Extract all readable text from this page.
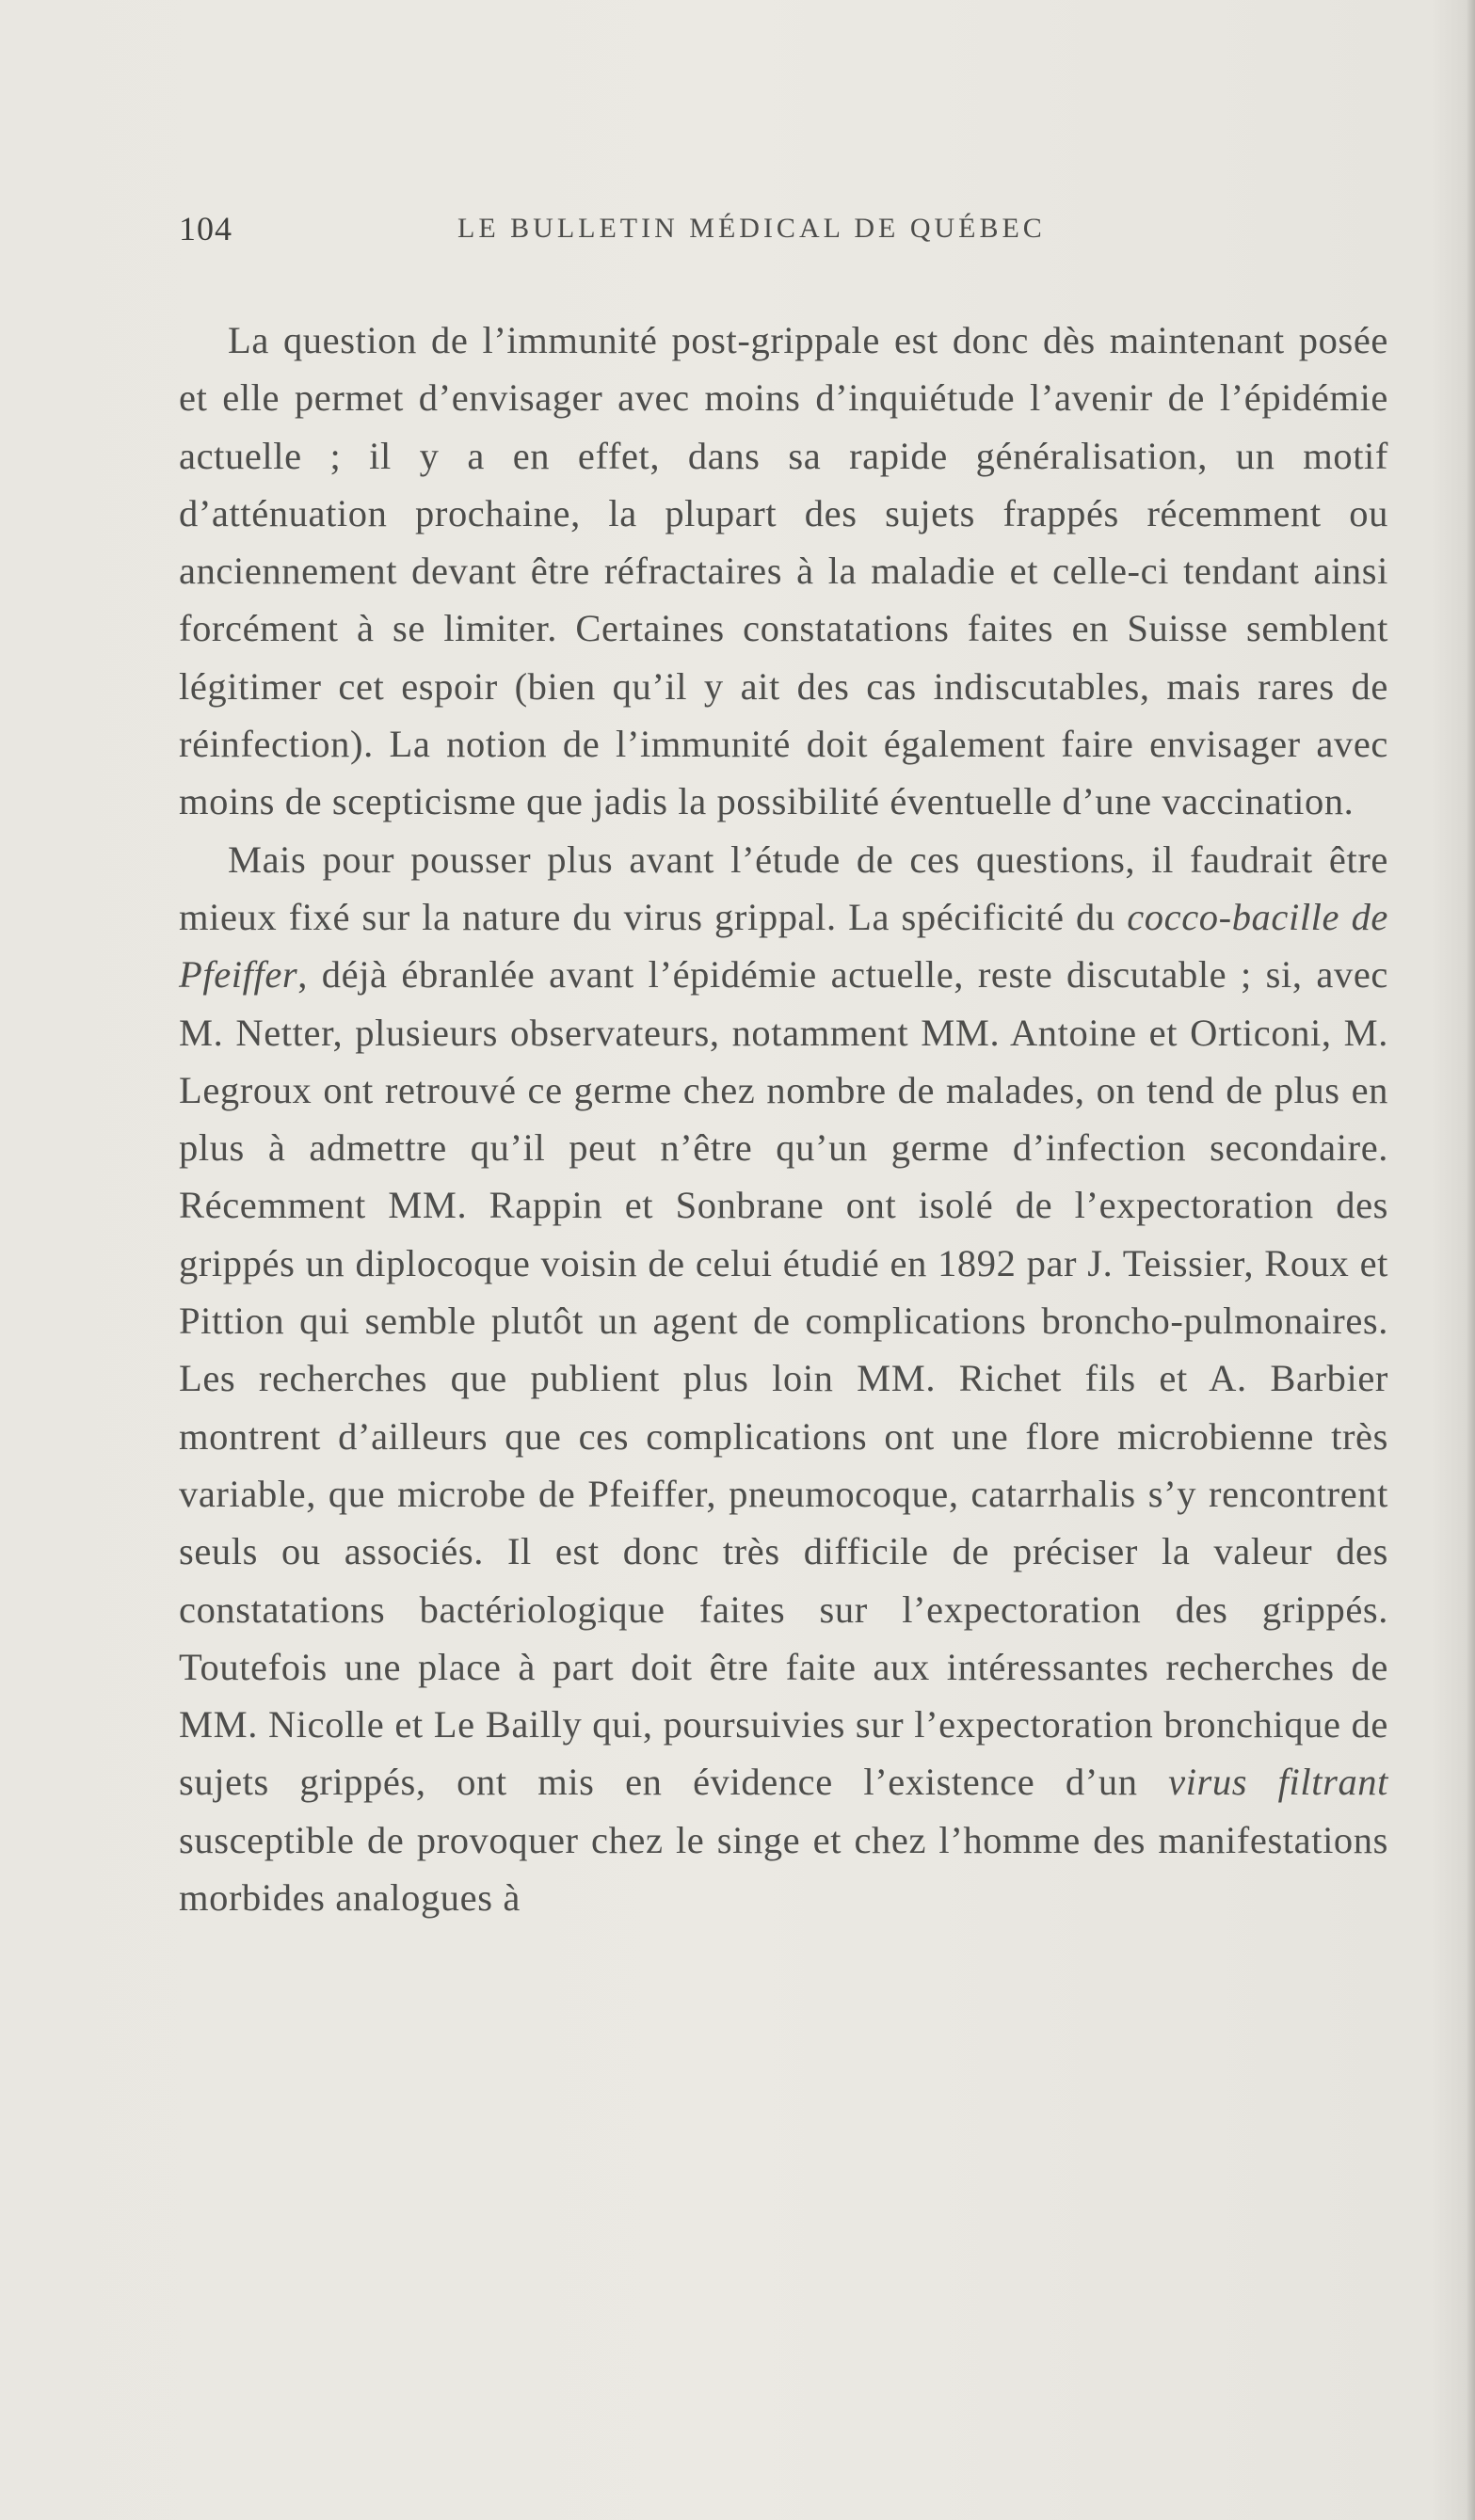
104	LE BULLETIN MÉDICAL DE QUÉBEC

La question de l’immunité post-grippale est donc dès maintenant posée et elle permet d’envisager avec moins d’inquiétude l’avenir de l’épidémie actuelle ; il y a en effet, dans sa rapide généralisation, un motif d’atténuation prochaine, la plupart des sujets frappés récemment ou anciennement devant être réfractaires à la maladie et celle-ci tendant ainsi forcément à se limiter. Certaines constatations faites en Suisse semblent légitimer cet espoir (bien qu’il y ait des cas indiscutables, mais rares de réinfection). La notion de l’immunité doit également faire envisager avec moins de scepticisme que jadis la possibilité éventuelle d’une vaccination.

Mais pour pousser plus avant l’étude de ces questions, il faudrait être mieux fixé sur la nature du virus grippal. La spécificité du cocco-bacille de Pfeiffer, déjà ébranlée avant l’épidémie actuelle, reste discutable ; si, avec M. Netter, plusieurs observateurs, notamment MM. Antoine et Orticoni, M. Legroux ont retrouvé ce germe chez nombre de malades, on tend de plus en plus à admettre qu’il peut n’être qu’un germe d’infection secondaire. Récemment MM. Rappin et Sonbrane ont isolé de l’expectoration des grippés un diplocoque voisin de celui étudié en 1892 par J. Teissier, Roux et Pittion qui semble plutôt un agent de complications broncho-pulmonaires. Les recherches que publient plus loin MM. Richet fils et A. Barbier montrent d’ailleurs que ces complications ont une flore microbienne très variable, que microbe de Pfeiffer, pneumocoque, catarrhalis s’y rencontrent seuls ou associés. Il est donc très difficile de préciser la valeur des constatations bactériologique faites sur l’expectoration des grippés. Toutefois une place à part doit être faite aux intéressantes recherches de MM. Nicolle et Le Bailly qui, poursuivies sur l’expectoration bronchique de sujets grippés, ont mis en évidence l’existence d’un virus filtrant susceptible de provoquer chez le singe et chez l’homme des manifestations morbides analogues à
